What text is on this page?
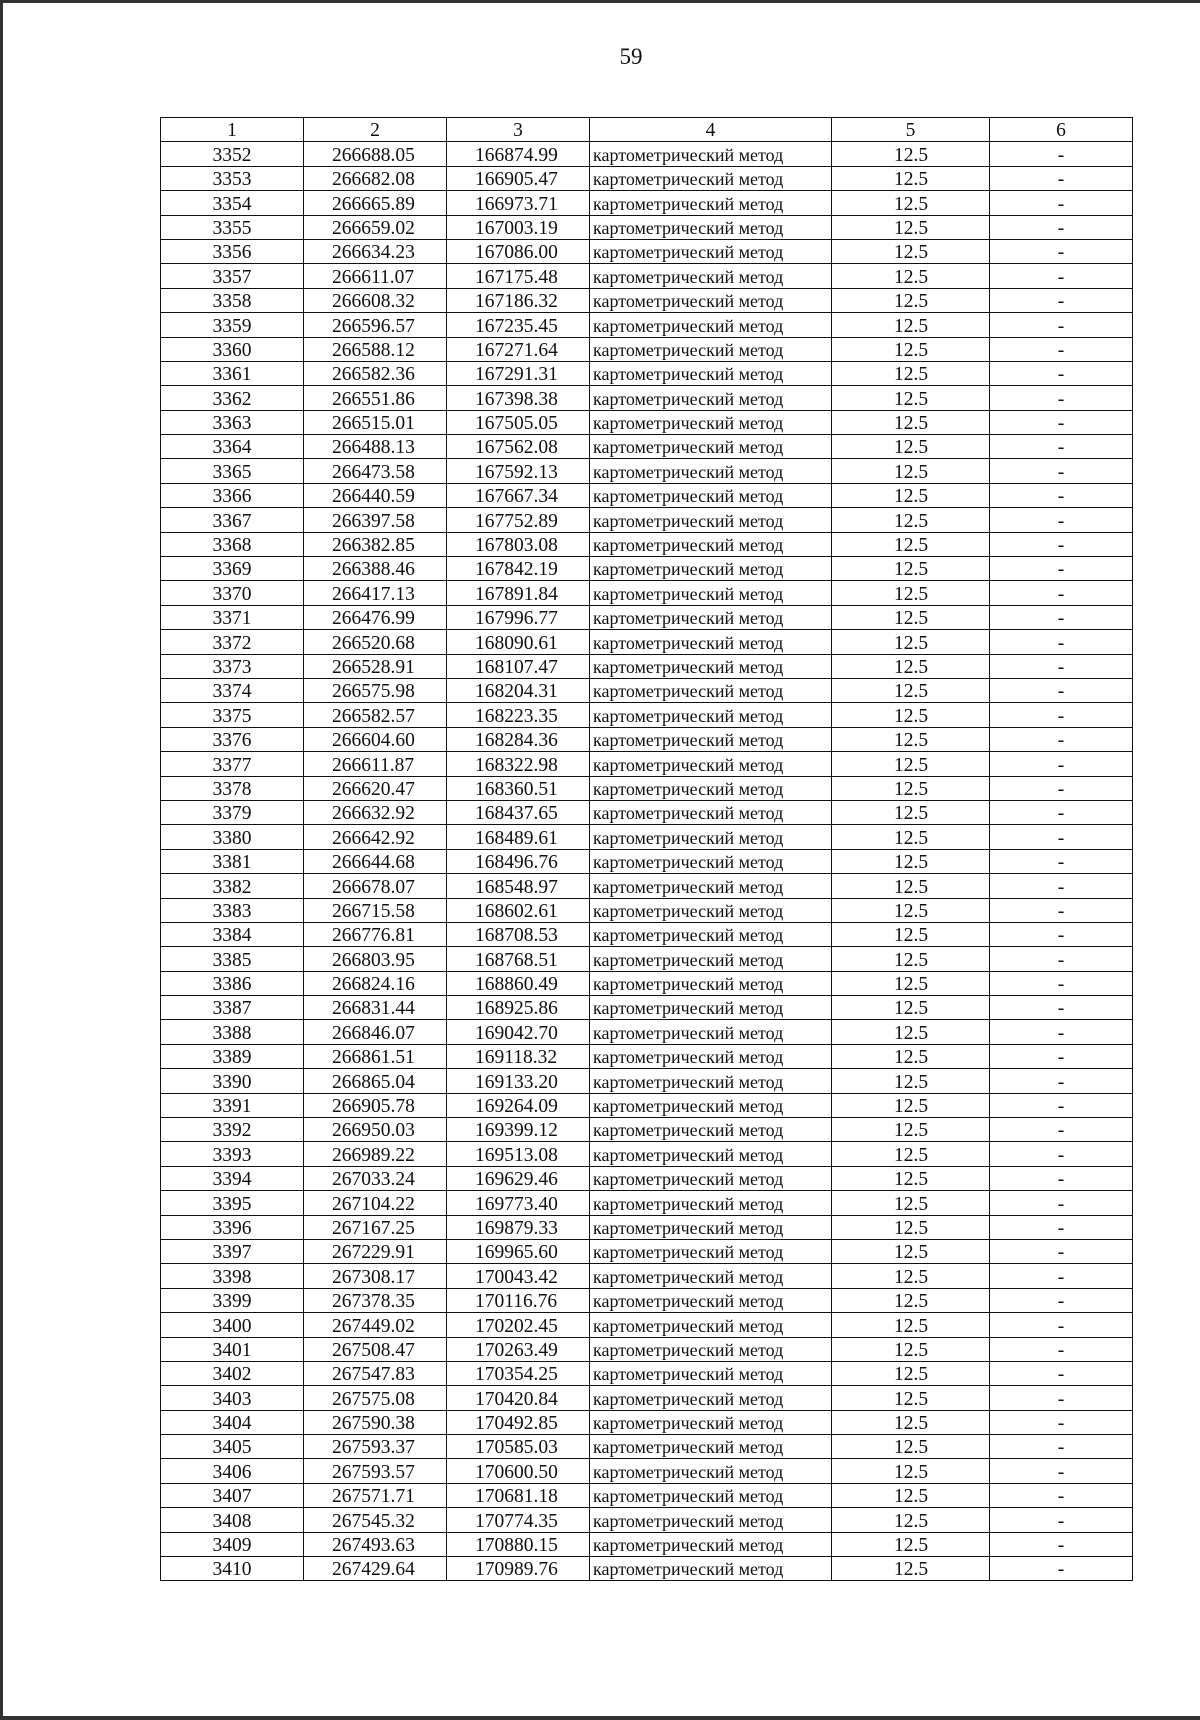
59
1	2	3	4	5	6
3352	266688.05	166874.99	картометрический метод	12.5	-
3353	266682.08	166905.47	картометрический метод	12.5	-
3354	266665.89	166973.71	картометрический метод	12.5	-
3355	266659.02	167003.19	картометрический метод	12.5	-
3356	266634.23	167086.00	картометрический метод	12.5	-
3357	266611.07	167175.48	картометрический метод	12.5	-
3358	266608.32	167186.32	картометрический метод	12.5	-
3359	266596.57	167235.45	картометрический метод	12.5	-
3360	266588.12	167271.64	картометрический метод	12.5	-
3361	266582.36	167291.31	картометрический метод	12.5	-
3362	266551.86	167398.38	картометрический метод	12.5	-
3363	266515.01	167505.05	картометрический метод	12.5	-
3364	266488.13	167562.08	картометрический метод	12.5	-
3365	266473.58	167592.13	картометрический метод	12.5	-
3366	266440.59	167667.34	картометрический метод	12.5	-
3367	266397.58	167752.89	картометрический метод	12.5	-
3368	266382.85	167803.08	картометрический метод	12.5	-
3369	266388.46	167842.19	картометрический метод	12.5	-
3370	266417.13	167891.84	картометрический метод	12.5	-
3371	266476.99	167996.77	картометрический метод	12.5	-
3372	266520.68	168090.61	картометрический метод	12.5	-
3373	266528.91	168107.47	картометрический метод	12.5	-
3374	266575.98	168204.31	картометрический метод	12.5	-
3375	266582.57	168223.35	картометрический метод	12.5	-
3376	266604.60	168284.36	картометрический метод	12.5	-
3377	266611.87	168322.98	картометрический метод	12.5	-
3378	266620.47	168360.51	картометрический метод	12.5	-
3379	266632.92	168437.65	картометрический метод	12.5	-
3380	266642.92	168489.61	картометрический метод	12.5	-
3381	266644.68	168496.76	картометрический метод	12.5	-
3382	266678.07	168548.97	картометрический метод	12.5	-
3383	266715.58	168602.61	картометрический метод	12.5	-
3384	266776.81	168708.53	картометрический метод	12.5	-
3385	266803.95	168768.51	картометрический метод	12.5	-
3386	266824.16	168860.49	картометрический метод	12.5	-
3387	266831.44	168925.86	картометрический метод	12.5	-
3388	266846.07	169042.70	картометрический метод	12.5	-
3389	266861.51	169118.32	картометрический метод	12.5	-
3390	266865.04	169133.20	картометрический метод	12.5	-
3391	266905.78	169264.09	картометрический метод	12.5	-
3392	266950.03	169399.12	картометрический метод	12.5	-
3393	266989.22	169513.08	картометрический метод	12.5	-
3394	267033.24	169629.46	картометрический метод	12.5	-
3395	267104.22	169773.40	картометрический метод	12.5	-
3396	267167.25	169879.33	картометрический метод	12.5	-
3397	267229.91	169965.60	картометрический метод	12.5	-
3398	267308.17	170043.42	картометрический метод	12.5	-
3399	267378.35	170116.76	картометрический метод	12.5	-
3400	267449.02	170202.45	картометрический метод	12.5	-
3401	267508.47	170263.49	картометрический метод	12.5	-
3402	267547.83	170354.25	картометрический метод	12.5	-
3403	267575.08	170420.84	картометрический метод	12.5	-
3404	267590.38	170492.85	картометрический метод	12.5	-
3405	267593.37	170585.03	картометрический метод	12.5	-
3406	267593.57	170600.50	картометрический метод	12.5	-
3407	267571.71	170681.18	картометрический метод	12.5	-
3408	267545.32	170774.35	картометрический метод	12.5	-
3409	267493.63	170880.15	картометрический метод	12.5	-
3410	267429.64	170989.76	картометрический метод	12.5	-
